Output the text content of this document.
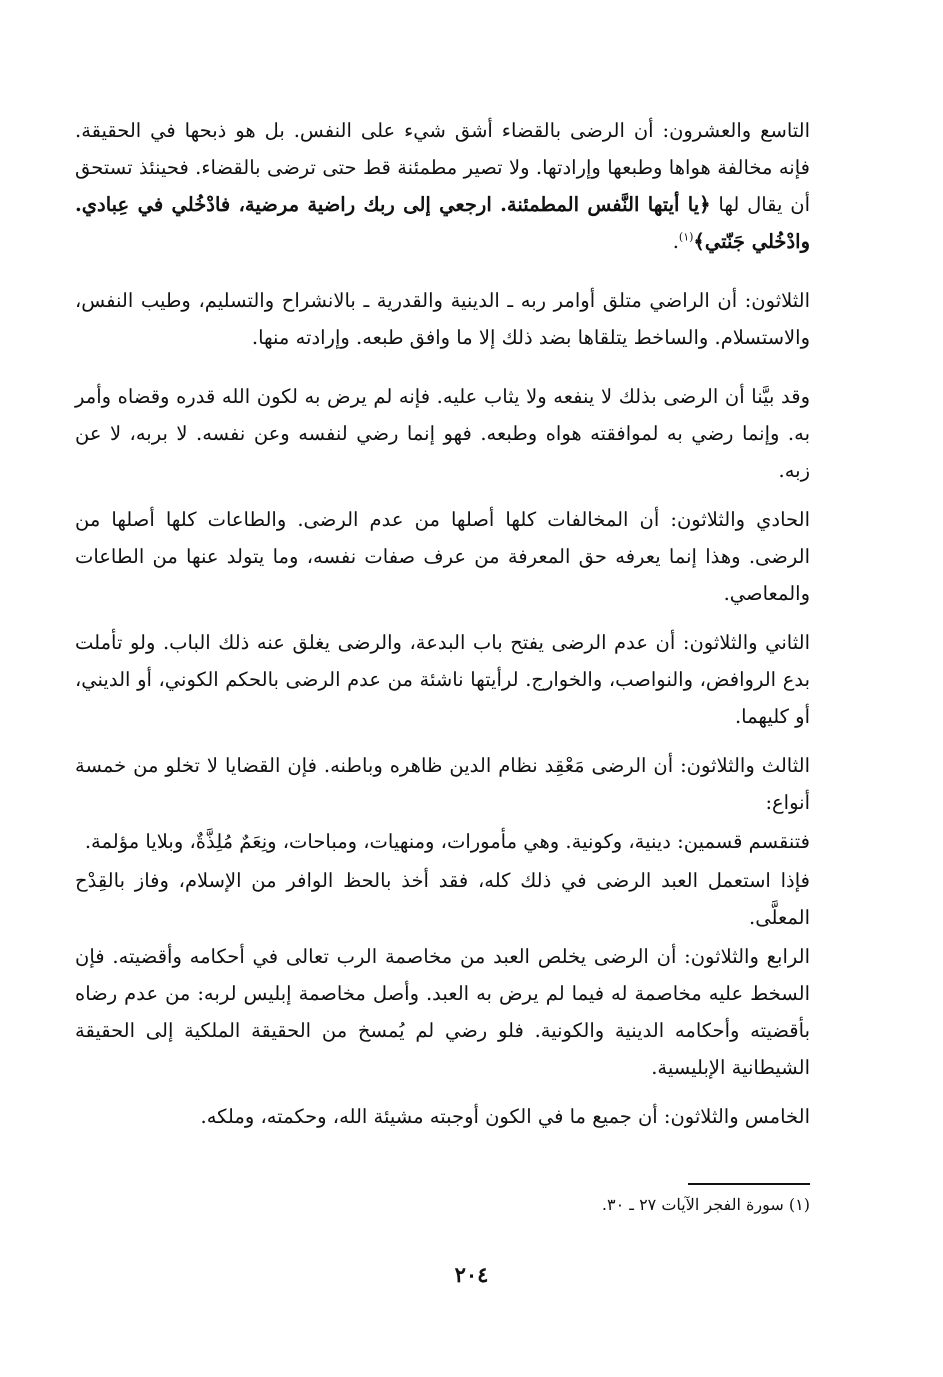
التاسع والعشرون: أن الرضى بالقضاء أشق شيء على النفس. بل هو ذبحها في الحقيقة. فإنه مخالفة هواها وطبعها وإرادتها. ولا تصير مطمئنة قط حتى ترضى بالقضاء. فحينئذ تستحق أن يقال لها ﴿يا أيتها النَّفس المطمئنة. ارجعي إلى ربك راضية مرضية، فادْخُلي في عِبادي. وادْخُلي جَنّتي﴾$^{(١)}$.

الثلاثون: أن الراضي متلق أوامر ربه ـ الدينية والقدرية ـ بالانشراح والتسليم، وطيب النفس، والاستسلام. والساخط يتلقاها بضد ذلك إلا ما وافق طبعه. وإرادته منها.

وقد بيَّنا أن الرضى بذلك لا ينفعه ولا يثاب عليه. فإنه لم يرض به لكون الله قدره وقضاه وأمر به. وإنما رضي به لموافقته هواه وطبعه. فهو إنما رضي لنفسه وعن نفسه. لا بربه، لا عن زبه.

الحادي والثلاثون: أن المخالفات كلها أصلها من عدم الرضى. والطاعات كلها أصلها من الرضى. وهذا إنما يعرفه حق المعرفة من عرف صفات نفسه، وما يتولد عنها من الطاعات والمعاصي.

الثاني والثلاثون: أن عدم الرضى يفتح باب البدعة، والرضى يغلق عنه ذلك الباب. ولو تأملت بدع الروافض، والنواصب، والخوارج. لرأيتها ناشئة من عدم الرضى بالحكم الكوني، أو الديني، أو كليهما.

الثالث والثلاثون: أن الرضى مَعْقِد نظام الدين ظاهره وباطنه. فإن القضايا لا تخلو من خمسة أنواع:

فتنقسم قسمين: دينية، وكونية. وهي مأمورات، ومنهيات، ومباحات، ونِعَمٌ مُلِذَّةٌ، وبلايا مؤلمة.

فإذا استعمل العبد الرضى في ذلك كله، فقد أخذ بالحظ الوافر من الإسلام، وفاز بالقِدْح المعلَّى.

الرابع والثلاثون: أن الرضى يخلص العبد من مخاصمة الرب تعالى في أحكامه وأقضيته. فإن السخط عليه مخاصمة له فيما لم يرض به العبد. وأصل مخاصمة إبليس لربه: من عدم رضاه بأقضيته وأحكامه الدينية والكونية. فلو رضي لم يُمسخ من الحقيقة الملكية إلى الحقيقة الشيطانية الإبليسية.

الخامس والثلاثون: أن جميع ما في الكون أوجبته مشيئة الله، وحكمته، وملكه.

(١) سورة الفجر الآيات ٢٧ ـ ٣٠.

٢٠٤
